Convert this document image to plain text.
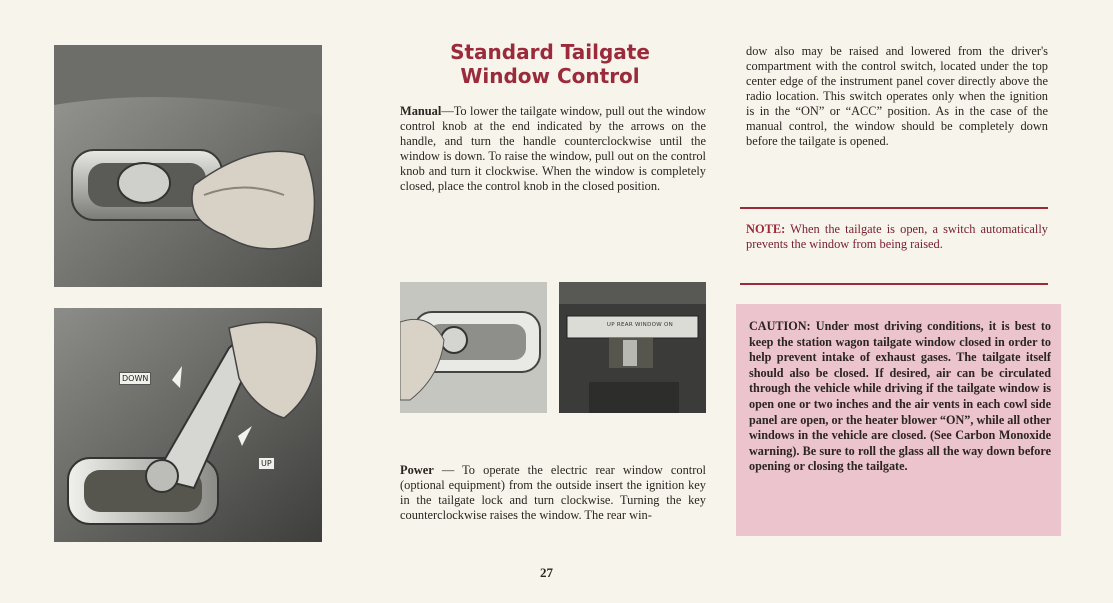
DOWN
UP
UP REAR WINDOW ON
Standard Tailgate
Window Control

Manual—To lower the tailgate window, pull out the window control knob at the end indicated by the arrows on the handle, and turn the handle counterclockwise until the window is down. To raise the window, pull out on the control knob and turn it clockwise. When the window is completely closed, place the control knob in the closed position.

Power — To operate the electric rear window control (optional equipment) from the outside insert the ignition key in the tailgate lock and turn clockwise. Turning the key counterclockwise raises the window. The rear win-

dow also may be raised and lowered from the driver's compartment with the control switch, located under the top center edge of the instrument panel cover directly above the radio location. This switch operates only when the ignition is in the “ON” or “ACC” position. As in the case of the manual control, the window should be completely down before the tailgate is opened.

NOTE: When the tailgate is open, a switch automatically prevents the window from being raised.

CAUTION: Under most driving conditions, it is best to keep the station wagon tailgate window closed in order to help prevent intake of exhaust gases. The tailgate itself should also be closed. If desired, air can be circulated through the vehicle while driving if the tailgate window is open one or two inches and the air vents in each cowl side panel are open, or the heater blower “ON”, while all other windows in the vehicle are closed. (See Carbon Monoxide warning). Be sure to roll the glass all the way down before opening or closing the tailgate.

27
